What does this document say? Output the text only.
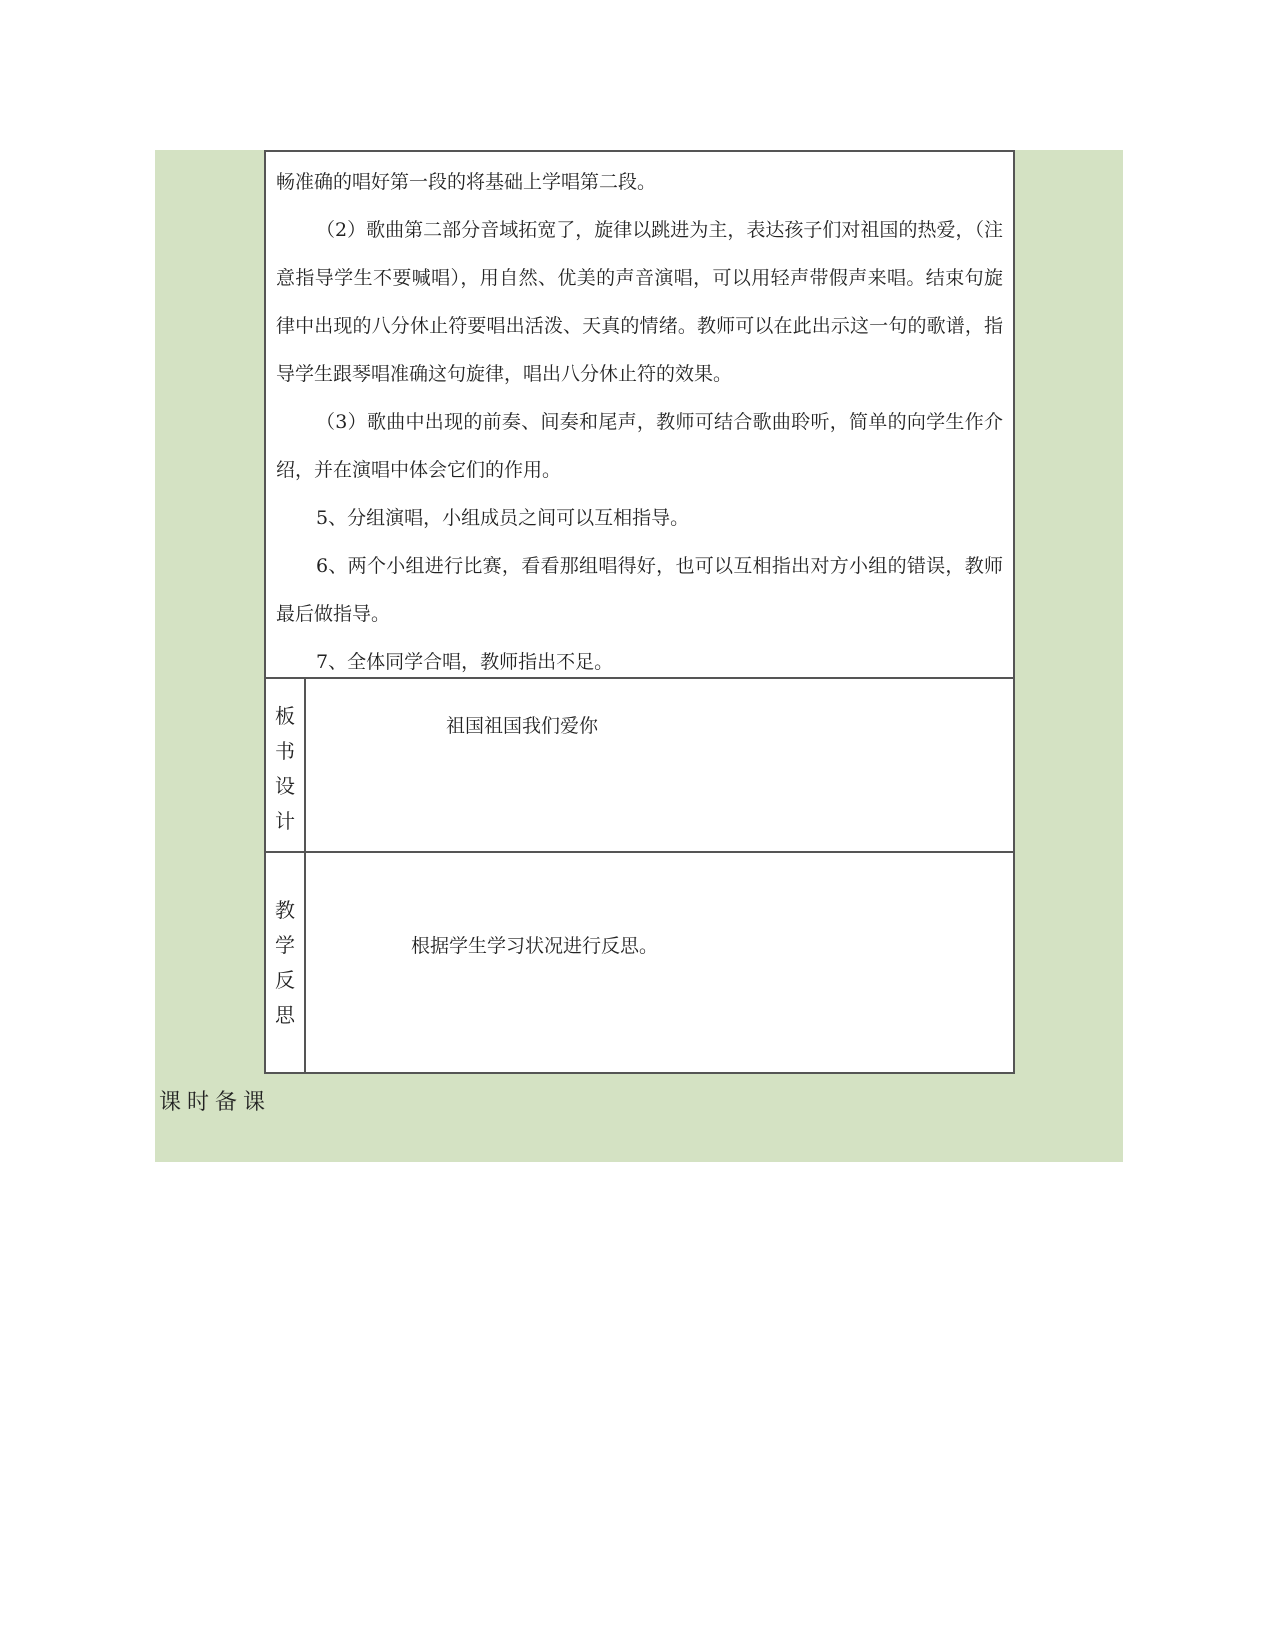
畅准确的唱好第一段的将基础上学唱第二段。

（2）歌曲第二部分音域拓宽了，旋律以跳进为主，表达孩子们对祖国的热爱，（注意指导学生不要喊唱），用自然、优美的声音演唱，可以用轻声带假声来唱。结束句旋律中出现的八分休止符要唱出活泼、天真的情绪。教师可以在此出示这一句的歌谱，指导学生跟琴唱准确这句旋律，唱出八分休止符的效果。

（3）歌曲中出现的前奏、间奏和尾声，教师可结合歌曲聆听，简单的向学生作介绍，并在演唱中体会它们的作用。

5、分组演唱，小组成员之间可以互相指导。

6、两个小组进行比赛，看看那组唱得好，也可以互相指出对方小组的错误，教师最后做指导。

7、全体同学合唱，教师指出不足。

板
书
设
计
祖国祖国我们爱你
教
学
反
思
根据学生学习状况进行反思。
课时备课
